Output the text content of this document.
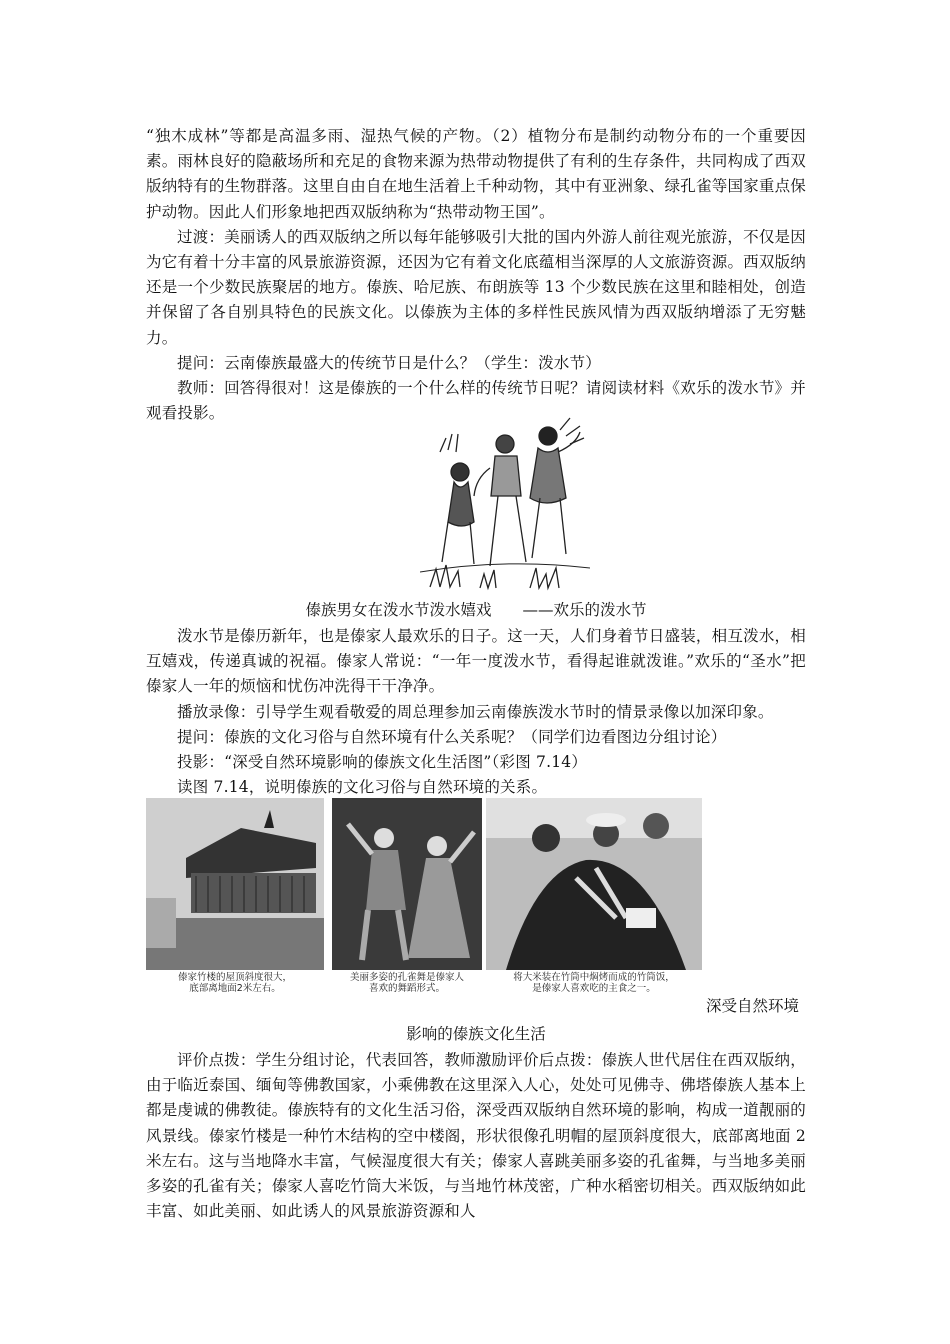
“独木成林”等都是高温多雨、湿热气候的产物。（2）植物分布是制约动物分布的一个重要因素。雨林良好的隐蔽场所和充足的食物来源为热带动物提供了有利的生存条件，共同构成了西双版纳特有的生物群落。这里自由自在地生活着上千种动物，其中有亚洲象、绿孔雀等国家重点保护动物。因此人们形象地把西双版纳称为“热带动物王国”。

过渡：美丽诱人的西双版纳之所以每年能够吸引大批的国内外游人前往观光旅游，不仅是因为它有着十分丰富的风景旅游资源，还因为它有着文化底蕴相当深厚的人文旅游资源。西双版纳还是一个少数民族聚居的地方。傣族、哈尼族、布朗族等 13 个少数民族在这里和睦相处，创造并保留了各自别具特色的民族文化。以傣族为主体的多样性民族风情为西双版纳增添了无穷魅力。

提问：云南傣族最盛大的传统节日是什么？（学生：泼水节）

教师：回答得很对！这是傣族的一个什么样的传统节日呢？请阅读材料《欢乐的泼水节》并观看投影。

傣族男女在泼水节泼水嬉戏　　——欢乐的泼水节

泼水节是傣历新年，也是傣家人最欢乐的日子。这一天，人们身着节日盛装，相互泼水，相互嬉戏，传递真诚的祝福。傣家人常说：“一年一度泼水节，看得起谁就泼谁。”欢乐的“圣水”把傣家人一年的烦恼和忧伤冲洗得干干净净。

播放录像：引导学生观看敬爱的周总理参加云南傣族泼水节时的情景录像以加深印象。

提问：傣族的文化习俗与自然环境有什么关系呢？（同学们边看图边分组讨论）

投影：“深受自然环境影响的傣族文化生活图”（彩图 7.14）

读图 7.14，说明傣族的文化习俗与自然环境的关系。

傣家竹楼的屋顶斜度很大，
底部离地面2米左右。
美丽多姿的孔雀舞是傣家人
喜欢的舞蹈形式。
将大米装在竹筒中焖烤而成的竹筒饭，
是傣家人喜欢吃的主食之一。
深受自然环境
影响的傣族文化生活

评价点拨：学生分组讨论，代表回答，教师激励评价后点拨：傣族人世代居住在西双版纳，由于临近泰国、缅甸等佛教国家，小乘佛教在这里深入人心，处处可见佛寺、佛塔傣族人基本上都是虔诚的佛教徒。傣族特有的文化生活习俗，深受西双版纳自然环境的影响，构成一道靓丽的风景线。傣家竹楼是一种竹木结构的空中楼阁，形状很像孔明帽的屋顶斜度很大，底部离地面 2 米左右。这与当地降水丰富，气候湿度很大有关；傣家人喜跳美丽多姿的孔雀舞，与当地多美丽多姿的孔雀有关；傣家人喜吃竹筒大米饭，与当地竹林茂密，广种水稻密切相关。西双版纳如此丰富、如此美丽、如此诱人的风景旅游资源和人
